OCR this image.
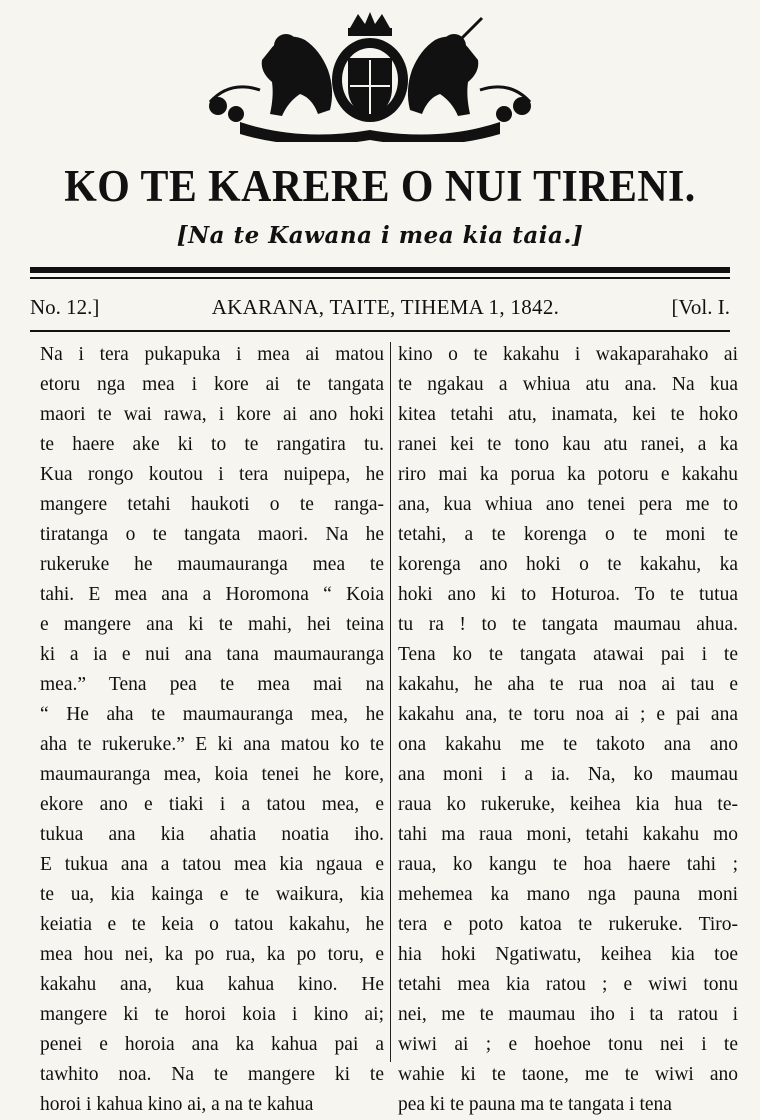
KO TE KARERE O NUI TIRENI.
[Na te Kawana i mea kia taia.]
No. 12.]	AKARANA, TAITE, TIHEMA 1, 1842.	[Vol. I.
Na i tera pukapuka i mea ai matou
etoru nga mea i kore ai te tangata
maori te wai rawa, i kore ai ano hoki
te haere ake ki to te rangatira tu.
Kua rongo koutou i tera nuipepa, he
mangere tetahi haukoti o te ranga-
tiratanga o te tangata maori. Na he
rukeruke he maumauranga mea te
tahi. E mea ana a Horomona “ Koia
e mangere ana ki te mahi, hei teina
ki a ia e nui ana tana maumauranga
mea.” Tena pea te mea mai na
“ He aha te maumauranga mea, he
aha te rukeruke.” E ki ana matou ko te
maumauranga mea, koia tenei he kore,
ekore ano e tiaki i a tatou mea, e
tukua ana kia ahatia noatia iho.
E tukua ana a tatou mea kia ngaua e
te ua, kia kainga e te waikura, kia
keiatia e te keia o tatou kakahu, he
mea hou nei, ka po rua, ka po toru, e
kakahu ana, kua kahua kino. He
mangere ki te horoi koia i kino ai;
penei e horoia ana ka kahua pai a
tawhito noa. Na te mangere ki te
horoi i kahua kino ai, a na te kahua
kino o te kakahu i wakaparahako ai
te ngakau a whiua atu ana. Na kua
kitea tetahi atu, inamata, kei te hoko
ranei kei te tono kau atu ranei, a ka
riro mai ka porua ka potoru e kakahu
ana, kua whiua ano tenei pera me to
tetahi, a te korenga o te moni te
korenga ano hoki o te kakahu, ka
hoki ano ki to Hoturoa. To te tutua
tu ra ! to te tangata maumau ahua.
Tena ko te tangata atawai pai i te
kakahu, he aha te rua noa ai tau e
kakahu ana, te toru noa ai ; e pai ana
ona kakahu me te takoto ana ano
ana moni i a ia. Na, ko maumau
raua ko rukeruke, keihea kia hua te-
tahi ma raua moni, tetahi kakahu mo
raua, ko kangu te hoa haere tahi ;
mehemea ka mano nga pauna moni
tera e poto katoa te rukeruke. Tiro-
hia hoki Ngatiwatu, keihea kia toe
tetahi mea kia ratou ; e wiwi tonu
nei, me te maumau iho i ta ratou i
wiwi ai ; e hoehoe tonu nei i te
wahie ki te taone, me te wiwi ano
pea ki te pauna ma te tangata i tena
